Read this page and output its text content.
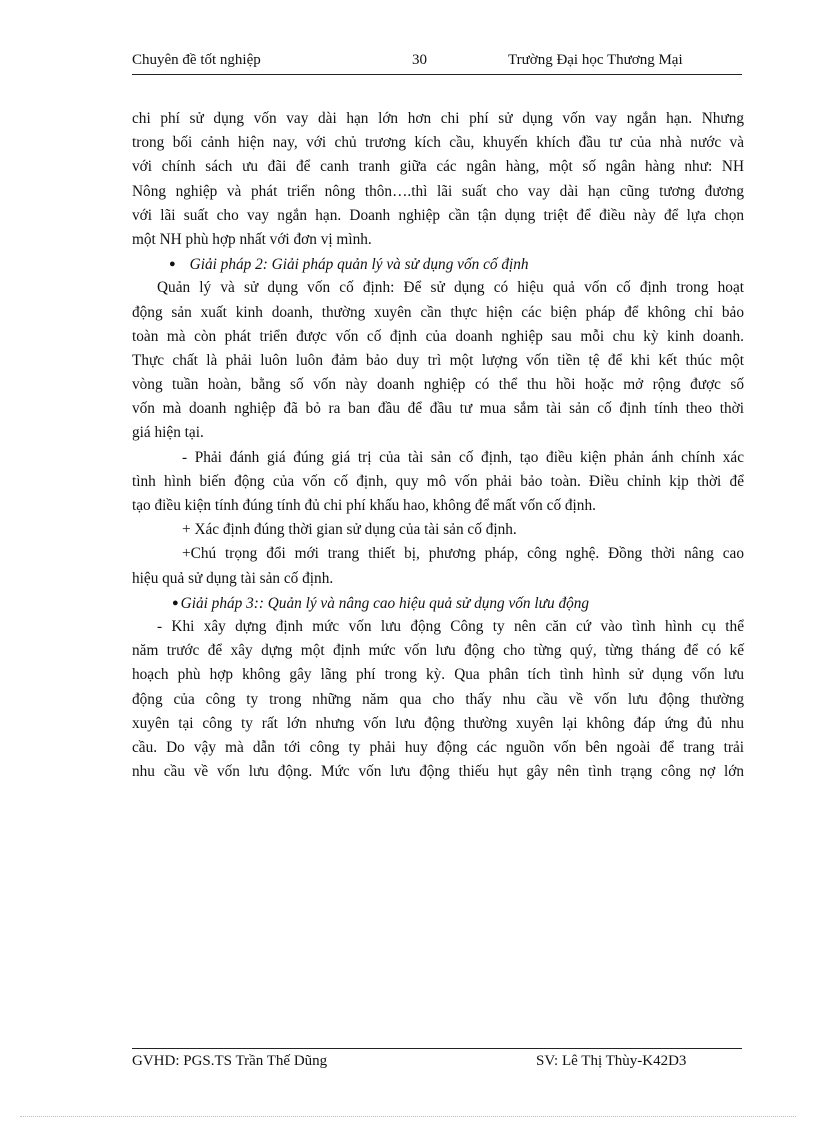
Chuyên đề tốt nghiệp	30	Trường Đại học Thương Mại
chi phí sử dụng vốn vay dài hạn lớn hơn chi phí sử dụng vốn vay ngắn hạn. Nhưng
trong bối cảnh hiện nay, với chủ trương kích cầu, khuyến khích đầu tư của nhà nước và
với chính sách ưu đãi để canh tranh giữa các ngân hàng, một số ngân hàng như: NH
Nông nghiệp và phát triển nông thôn….thì lãi suất cho vay dài hạn cũng tương đương
với lãi suất cho vay ngắn hạn. Doanh nghiệp cần tận dụng triệt để điều này để lựa chọn
một NH phù hợp nhất với đơn vị mình.
● Giải pháp 2: Giải pháp quản lý và sử dụng vốn cố định
Quản lý và sử dụng vốn cố định: Để sử dụng có hiệu quả vốn cố định trong hoạt
động sản xuất kinh doanh, thường xuyên cần thực hiện các biện pháp để không chỉ bảo
toàn mà còn phát triển được vốn cố định của doanh nghiệp sau mỗi chu kỳ kinh doanh.
Thực chất là phải luôn luôn đảm bảo duy trì một lượng vốn tiền tệ để khi kết thúc một
vòng tuần hoàn, bằng số vốn này doanh nghiệp có thể thu hồi hoặc mở rộng được số
vốn mà doanh nghiệp đã bỏ ra ban đầu để đầu tư mua sắm tài sản cố định tính theo thời
giá hiện tại.
- Phải đánh giá đúng giá trị của tài sản cố định, tạo điều kiện phản ánh chính xác
tình hình biến động của vốn cố định, quy mô vốn phải bảo toàn. Điều chỉnh kịp thời để
tạo điều kiện tính đúng tính đủ chi phí khấu hao, không để mất vốn cố định.
+ Xác định đúng thời gian sử dụng của tài sản cố định.
+Chú trọng đổi mới trang thiết bị, phương pháp, công nghệ. Đồng thời nâng cao
hiệu quả sử dụng tài sản cố định.
● Giải pháp 3:: Quản lý và nâng cao hiệu quả sử dụng vốn lưu động
- Khi xây dựng định mức vốn lưu động Công ty nên căn cứ vào tình hình cụ thể
năm trước để xây dựng một định mức vốn lưu động cho từng quý, từng tháng để có kế
hoạch phù hợp không gây lãng phí trong kỳ. Qua phân tích tình hình sử dụng vốn lưu
động của công ty trong những năm qua cho thấy nhu cầu về vốn lưu động thường
xuyên tại công ty rất lớn nhưng vốn lưu động thường xuyên lại không đáp ứng đủ nhu
cầu. Do vậy mà dẫn tới công ty phải huy động các nguồn vốn bên ngoài để trang trải
nhu cầu về vốn lưu động. Mức vốn lưu động thiếu hụt gây nên tình trạng công nợ lớn
GVHD: PGS.TS Trần Thế Dũng	SV: Lê Thị Thùy-K42D3
